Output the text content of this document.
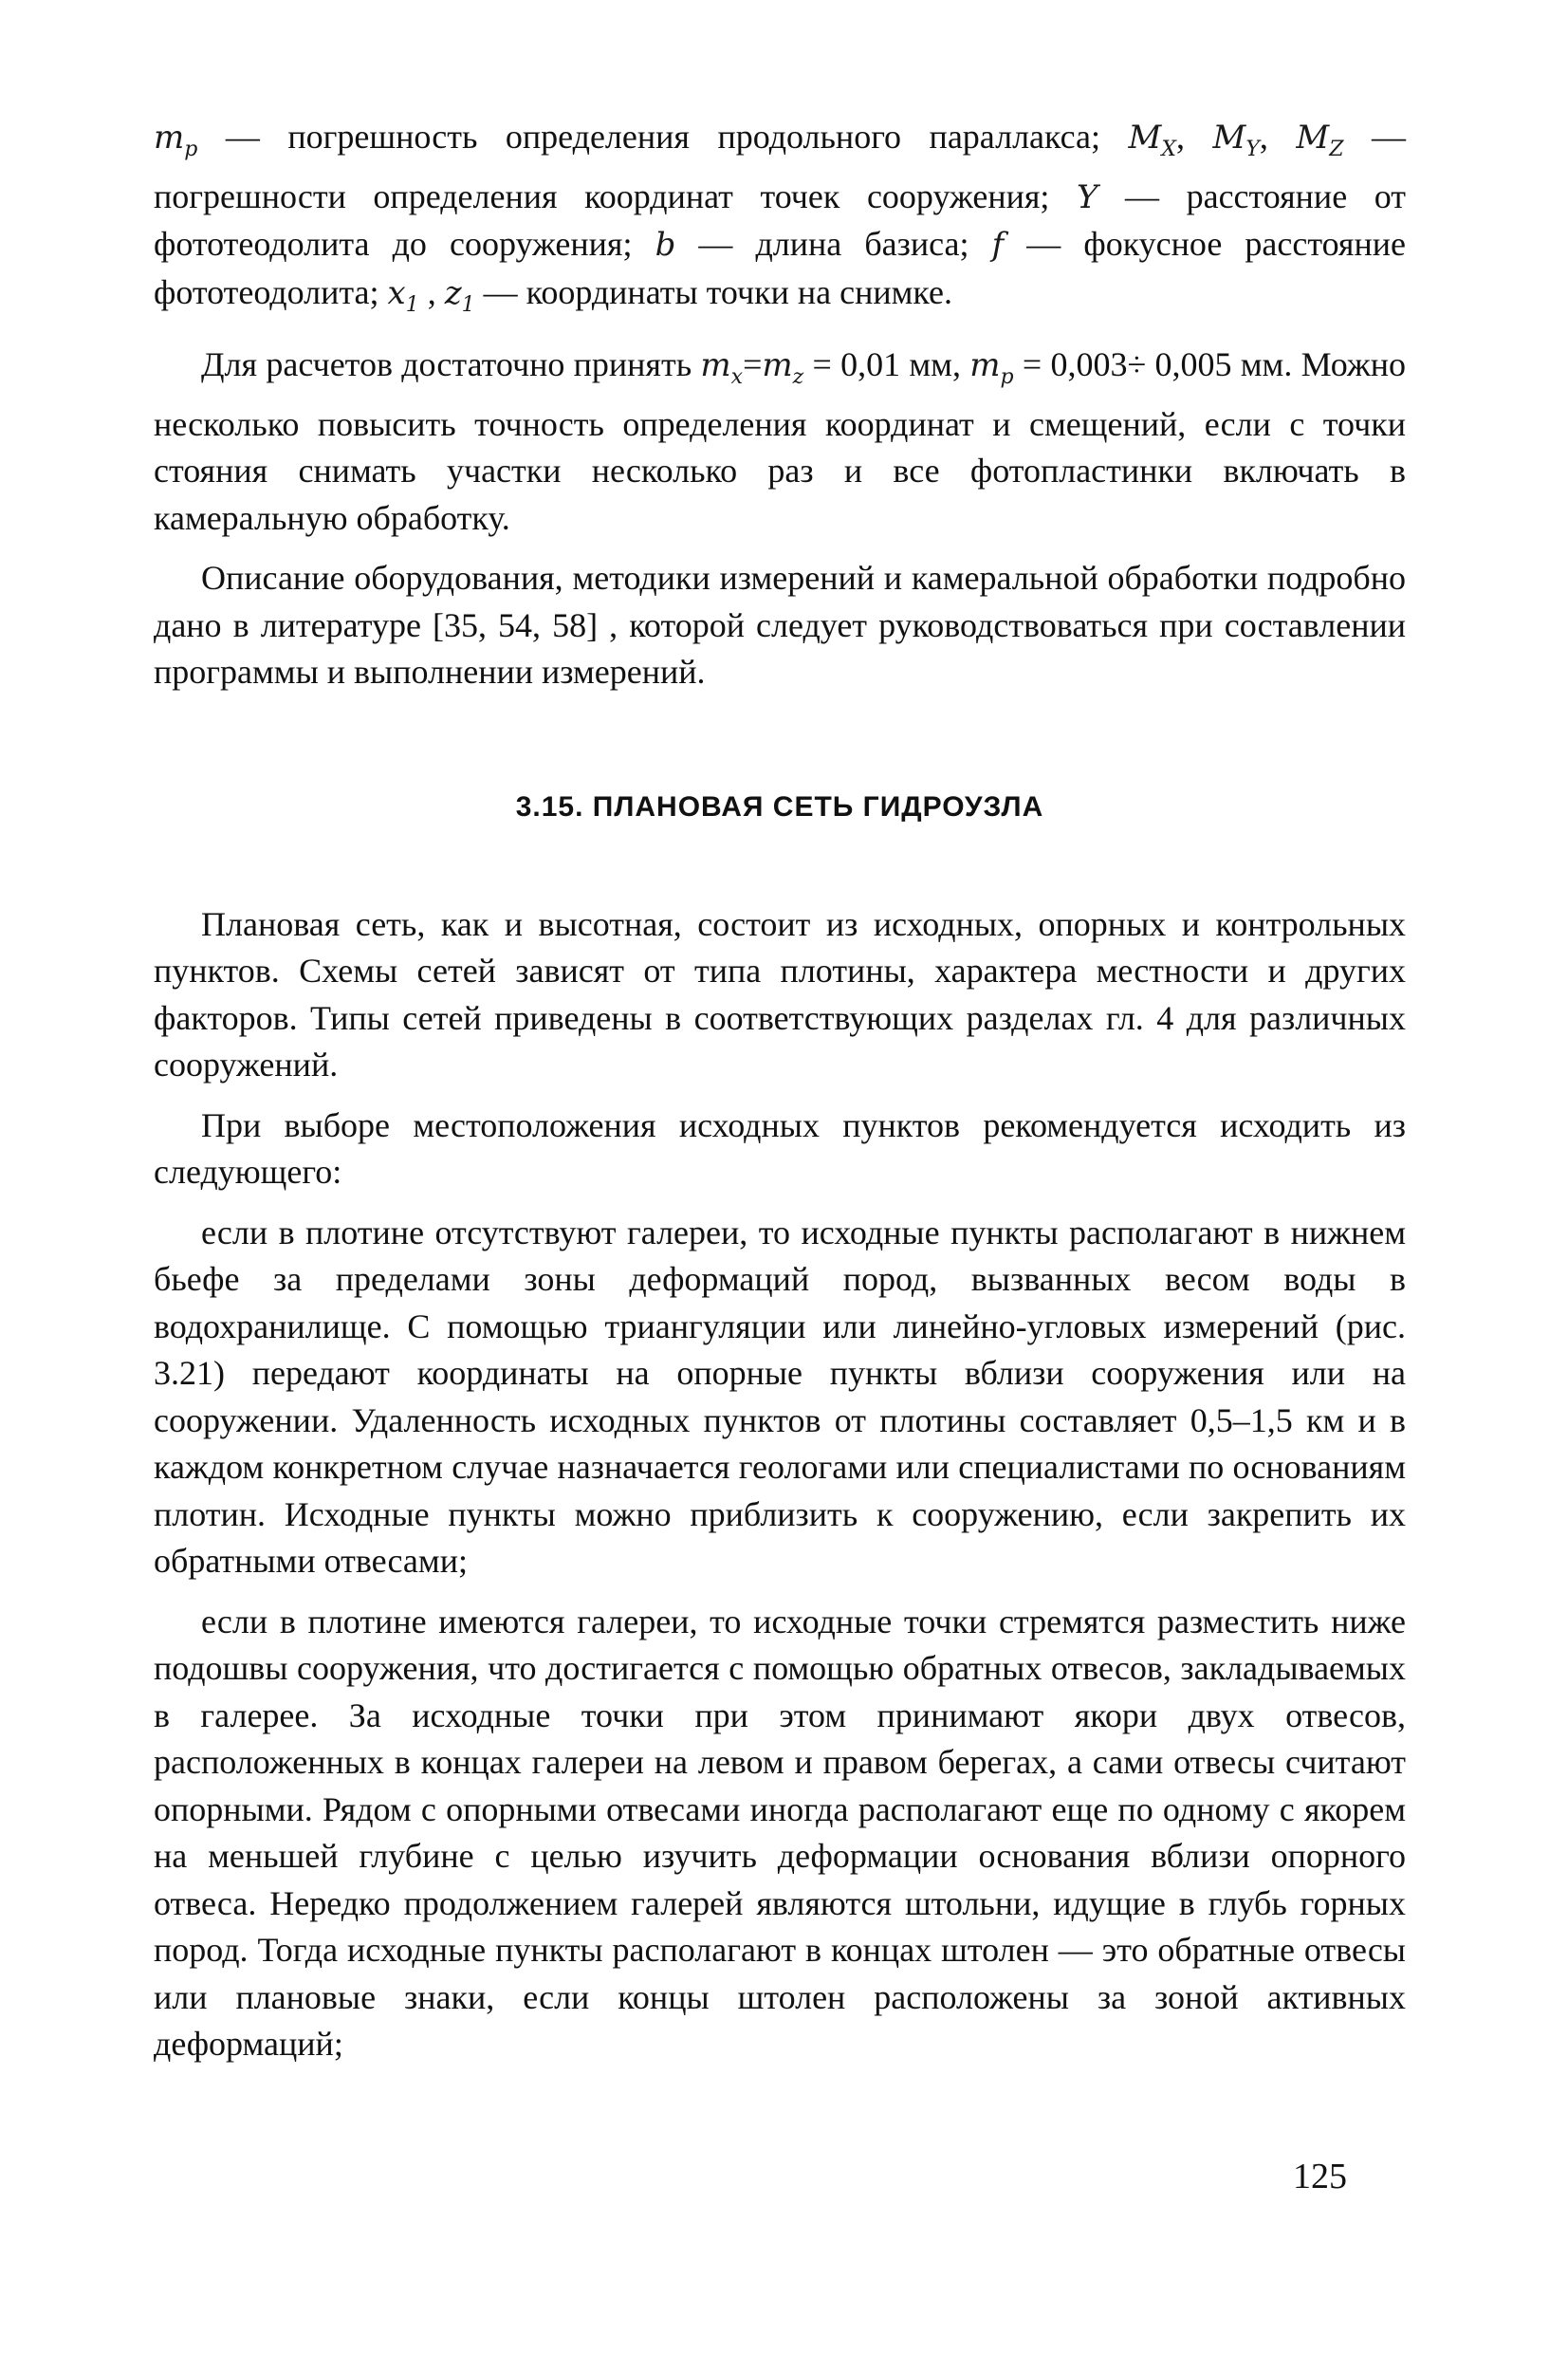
$m_p$ — погрешность определения продольного параллакса; $M_X$, $M_Y$, $M_Z$ — погрешности определения координат точек сооружения; Y — расстояние от фототеодолита до сооружения; b — длина базиса; f — фокусное расстояние фототеодолита; $x_1$ , $z_1$ — координаты точки на снимке.

Для расчетов достаточно принять $m_x=m_z = 0,01$ мм, $m_p = 0,003\div 0,005$ мм. Можно несколько повысить точность определения координат и смещений, если с точки стояния снимать участки несколько раз и все фотопластинки включать в камеральную обработку.

Описание оборудования, методики измерений и камеральной обработки подробно дано в литературе [35, 54, 58] , которой следует руководствоваться при составлении программы и выполнении измерений.

3.15. ПЛАНОВАЯ СЕТЬ ГИДРОУЗЛА

Плановая сеть, как и высотная, состоит из исходных, опорных и контрольных пунктов. Схемы сетей зависят от типа плотины, характера местности и других факторов. Типы сетей приведены в соответствующих разделах гл. 4 для различных сооружений.

При выборе местоположения исходных пунктов рекомендуется исходить из следующего:

если в плотине отсутствуют галереи, то исходные пункты располагают в нижнем бьефе за пределами зоны деформаций пород, вызванных весом воды в водохранилище. С помощью триангуляции или линейно-угловых измерений (рис. 3.21) передают координаты на опорные пункты вблизи сооружения или на сооружении. Удаленность исходных пунктов от плотины составляет 0,5–1,5 км и в каждом конкретном случае назначается геологами или специалистами по основаниям плотин. Исходные пункты можно приблизить к сооружению, если закрепить их обратными отвесами;

если в плотине имеются галереи, то исходные точки стремятся разместить ниже подошвы сооружения, что достигается с помощью обратных отвесов, закладываемых в галерее. За исходные точки при этом принимают якори двух отвесов, расположенных в концах галереи на левом и правом берегах, а сами отвесы считают опорными. Рядом с опорными отвесами иногда располагают еще по одному с якорем на меньшей глубине с целью изучить деформации основания вблизи опорного отвеса. Нередко продолжением галерей являются штольни, идущие в глубь горных пород. Тогда исходные пункты располагают в концах штолен — это обратные отвесы или плановые знаки, если концы штолен расположены за зоной активных деформаций;

125
